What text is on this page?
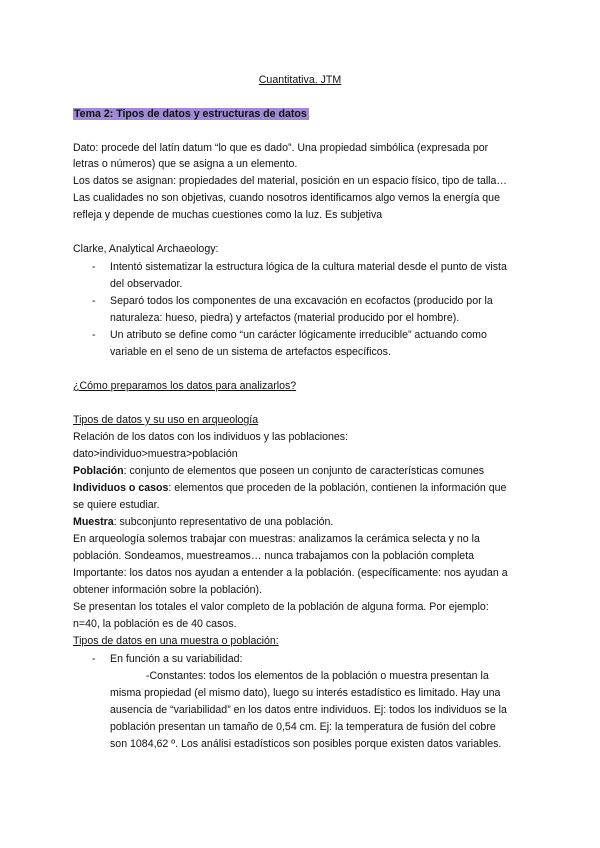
Cuantitativa. JTM
Tema 2: Tipos de datos y estructuras de datos
Dato: procede del latín datum “lo que es dado”. Una propiedad simbólica (expresada por
letras o números) que se asigna a un elemento.
Los datos se asignan: propiedades del material, posición en un espacio físico, tipo de talla…
Las cualidades no son objetivas, cuando nosotros identificamos algo vemos la energía que
refleja y depende de muchas cuestiones como la luz. Es subjetiva
Clarke, Analytical Archaeology:
- Intentó sistematizar la estructura lógica de la cultura material desde el punto de vista
del observador.
- Separó todos los componentes de una excavación en ecofactos (producido por la
naturaleza: hueso, piedra) y artefactos (material producido por el hombre).
- Un atributo se define como “un carácter lógicamente irreducible” actuando como
variable en el seno de un sistema de artefactos específicos.
¿Cómo preparamos los datos para analizarlos?
Tipos de datos y su uso en arqueología
Relación de los datos con los individuos y las poblaciones:
dato>individuo>muestra>población
Población: conjunto de elementos que poseen un conjunto de características comunes
Individuos o casos: elementos que proceden de la población, contienen la información que
se quiere estudiar.
Muestra: subconjunto representativo de una población.
En arqueología solemos trabajar con muestras: analizamos la cerámica selecta y no la
población. Sondeamos, muestreamos… nunca trabajamos con la población completa
Importante: los datos nos ayudan a entender a la población. (específicamente: nos ayudan a
obtener información sobre la población).
Se presentan los totales el valor completo de la población de alguna forma. Por ejemplo:
n=40, la población es de 40 casos.
Tipos de datos en una muestra o población:
- En función a su variabilidad:
-Constantes: todos los elementos de la población o muestra presentan la
misma propiedad (el mismo dato), luego su interés estadístico es limitado. Hay una
ausencia de “variabilidad” en los datos entre individuos. Ej: todos los individuos se la
población presentan un tamaño de 0,54 cm. Ej: la temperatura de fusión del cobre
son 1084,62 º. Los análisi estadísticos son posibles porque existen datos variables.
